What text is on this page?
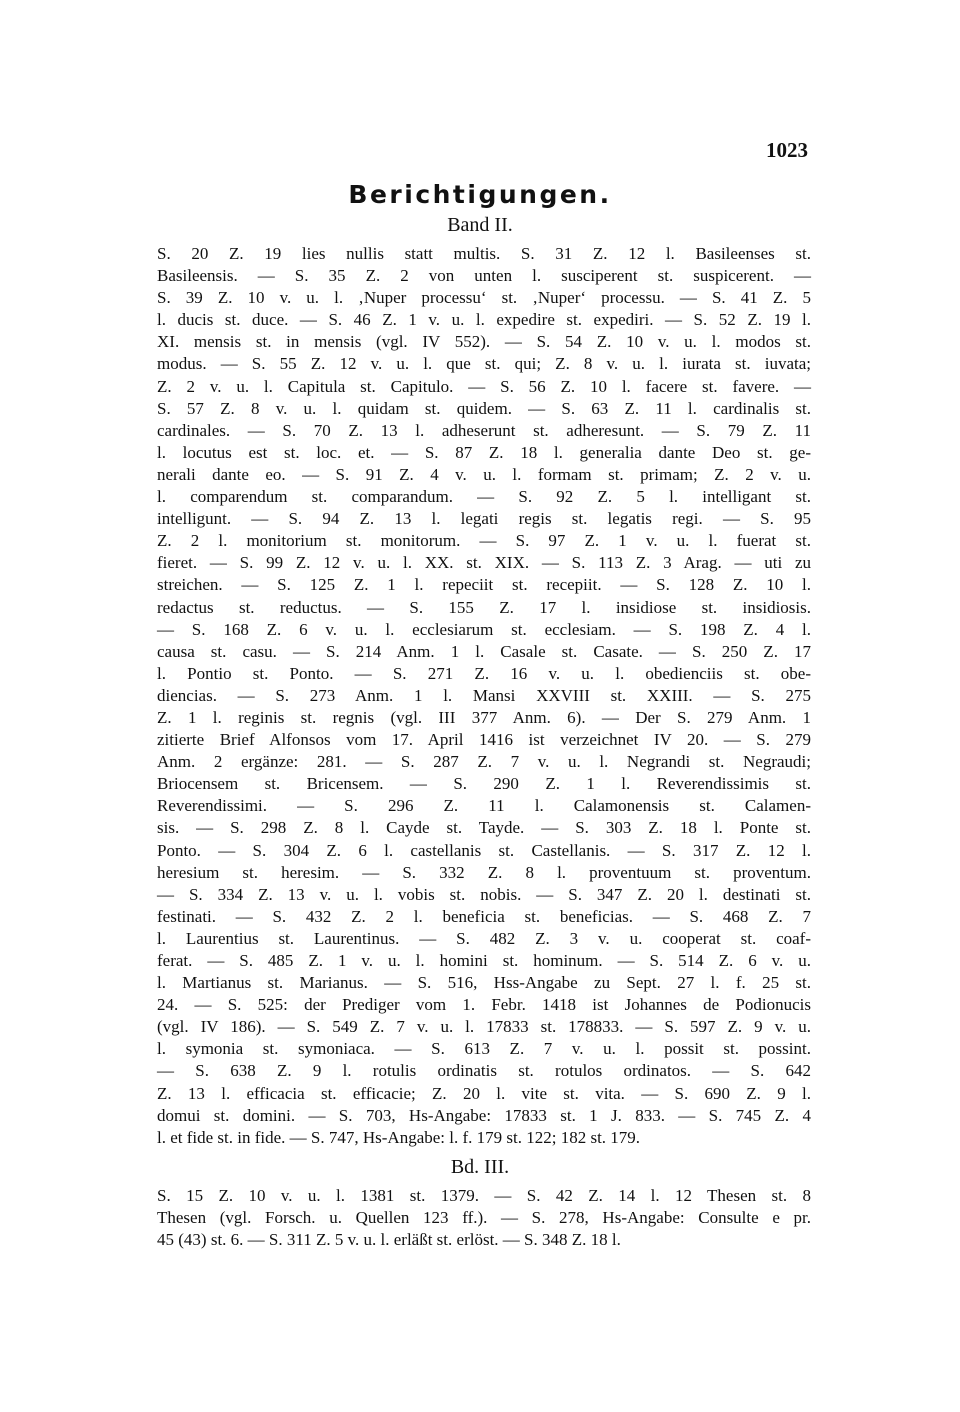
1023
Berichtigungen.
Band II.
S. 20 Z. 19 lies nullis statt multis. S. 31 Z. 12 l. Basileenses st.
Basileensis. — S. 35 Z. 2 von unten l. susciperent st. suspicerent. —
S. 39 Z. 10 v. u. l. ‚Nuper processu‘ st. ‚Nuper‘ processu. — S. 41 Z. 5
l. ducis st. duce. — S. 46 Z. 1 v. u. l. expedire st. expediri. — S. 52 Z. 19 l.
XI. mensis st. in mensis (vgl. IV 552). — S. 54 Z. 10 v. u. l. modos st.
modus. — S. 55 Z. 12 v. u. l. que st. qui; Z. 8 v. u. l. iurata st. iuvata;
Z. 2 v. u. l. Capitula st. Capitulo. — S. 56 Z. 10 l. facere st. favere. —
S. 57 Z. 8 v. u. l. quidam st. quidem. — S. 63 Z. 11 l. cardinalis st.
cardinales. — S. 70 Z. 13 l. adheserunt st. adheresunt. — S. 79 Z. 11
l. locutus est st. loc. et. — S. 87 Z. 18 l. generalia dante Deo st. ge-
nerali dante eo. — S. 91 Z. 4 v. u. l. formam st. primam; Z. 2 v. u.
l. comparendum st. comparandum. — S. 92 Z. 5 l. intelligant st.
intelligunt. — S. 94 Z. 13 l. legati regis st. legatis regi. — S. 95
Z. 2 l. monitorium st. monitorum. — S. 97 Z. 1 v. u. l. fuerat st.
fieret. — S. 99 Z. 12 v. u. l. XX. st. XIX. — S. 113 Z. 3 Arag. — uti zu
streichen. — S. 125 Z. 1 l. repeciit st. recepiit. — S. 128 Z. 10 l.
redactus st. reductus. — S. 155 Z. 17 l. insidiose st. insidiosis.
— S. 168 Z. 6 v. u. l. ecclesiarum st. ecclesiam. — S. 198 Z. 4 l.
causa st. casu. — S. 214 Anm. 1 l. Casale st. Casate. — S. 250 Z. 17
l. Pontio st. Ponto. — S. 271 Z. 16 v. u. l. obedienciis st. obe-
diencias. — S. 273 Anm. 1 l. Mansi XXVIII st. XXIII. — S. 275
Z. 1 l. reginis st. regnis (vgl. III 377 Anm. 6). — Der S. 279 Anm. 1
zitierte Brief Alfonsos vom 17. April 1416 ist verzeichnet IV 20. — S. 279
Anm. 2 ergänze: 281. — S. 287 Z. 7 v. u. l. Negrandi st. Negraudi;
Briocensem st. Bricensem. — S. 290 Z. 1 l. Reverendissimis st.
Reverendissimi. — S. 296 Z. 11 l. Calamonensis st. Calamen-
sis. — S. 298 Z. 8 l. Cayde st. Tayde. — S. 303 Z. 18 l. Ponte st.
Ponto. — S. 304 Z. 6 l. castellanis st. Castellanis. — S. 317 Z. 12 l.
heresium st. heresim. — S. 332 Z. 8 l. proventuum st. proventum.
— S. 334 Z. 13 v. u. l. vobis st. nobis. — S. 347 Z. 20 l. destinati st.
festinati. — S. 432 Z. 2 l. beneficia st. beneficias. — S. 468 Z. 7
l. Laurentius st. Laurentinus. — S. 482 Z. 3 v. u. cooperat st. coaf-
ferat. — S. 485 Z. 1 v. u. l. homini st. hominum. — S. 514 Z. 6 v. u.
l. Martianus st. Marianus. — S. 516, Hss-Angabe zu Sept. 27 l. f. 25 st.
24. — S. 525: der Prediger vom 1. Febr. 1418 ist Johannes de Podionucis
(vgl. IV 186). — S. 549 Z. 7 v. u. l. 17833 st. 178833. — S. 597 Z. 9 v. u.
l. symonia st. symoniaca. — S. 613 Z. 7 v. u. l. possit st. possint.
— S. 638 Z. 9 l. rotulis ordinatis st. rotulos ordinatos. — S. 642
Z. 13 l. efficacia st. efficacie; Z. 20 l. vite st. vita. — S. 690 Z. 9 l.
domui st. domini. — S. 703, Hs-Angabe: 17833 st. 1 J. 833. — S. 745 Z. 4
l. et fide st. in fide. — S. 747, Hs-Angabe: l. f. 179 st. 122; 182 st. 179.
Bd. III.
S. 15 Z. 10 v. u. l. 1381 st. 1379. — S. 42 Z. 14 l. 12 Thesen st. 8
Thesen (vgl. Forsch. u. Quellen 123 ff.). — S. 278, Hs-Angabe: Consulte e pr.
45 (43) st. 6. — S. 311 Z. 5 v. u. l. erläßt st. erlöst. — S. 348 Z. 18 l.
